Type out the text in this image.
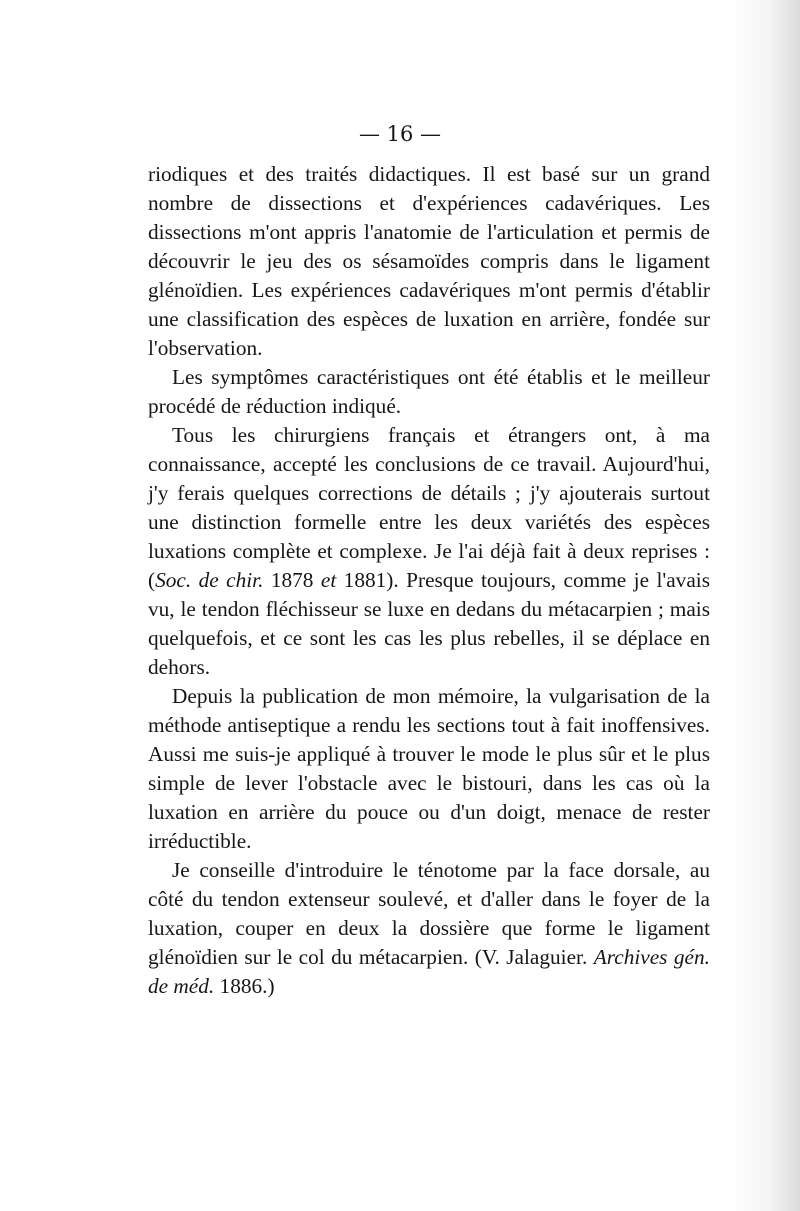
— 16 —

riodiques et des traités didactiques. Il est basé sur un grand nombre de dissections et d'expériences cadavériques. Les dissections m'ont appris l'anatomie de l'articulation et permis de découvrir le jeu des os sésamoïdes compris dans le ligament glénoïdien. Les expériences cadavériques m'ont permis d'établir une classification des espèces de luxation en arrière, fondée sur l'observation.

Les symptômes caractéristiques ont été établis et le meilleur procédé de réduction indiqué.

Tous les chirurgiens français et étrangers ont, à ma connaissance, accepté les conclusions de ce travail. Aujourd'hui, j'y ferais quelques corrections de détails ; j'y ajouterais surtout une distinction formelle entre les deux variétés des espèces luxations complète et complexe. Je l'ai déjà fait à deux reprises : (Soc. de chir. 1878 et 1881). Presque toujours, comme je l'avais vu, le tendon fléchisseur se luxe en dedans du métacarpien ; mais quelquefois, et ce sont les cas les plus rebelles, il se déplace en dehors.

Depuis la publication de mon mémoire, la vulgarisation de la méthode antiseptique a rendu les sections tout à fait inoffensives. Aussi me suis-je appliqué à trouver le mode le plus sûr et le plus simple de lever l'obstacle avec le bistouri, dans les cas où la luxation en arrière du pouce ou d'un doigt, menace de rester irréductible.

Je conseille d'introduire le ténotome par la face dorsale, au côté du tendon extenseur soulevé, et d'aller dans le foyer de la luxation, couper en deux la dossière que forme le ligament glénoïdien sur le col du métacarpien. (V. Jalaguier. Archives gén. de méd. 1886.)
